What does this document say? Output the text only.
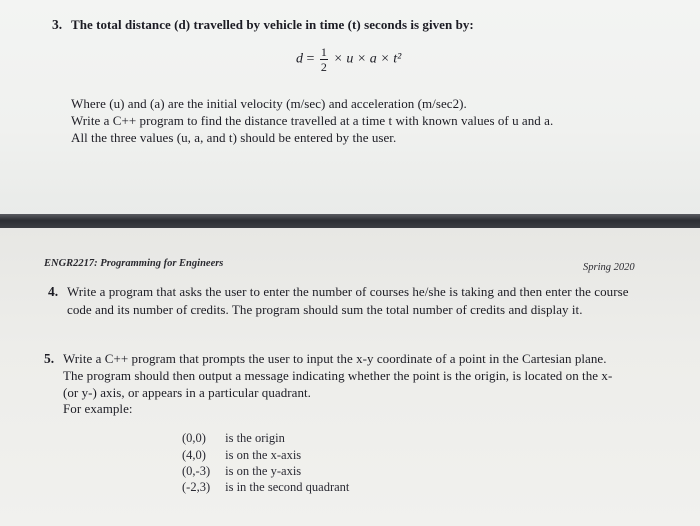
3. The total distance (d) travelled by vehicle in time (t) seconds is given by:
$d = \frac{1}{2} \times u \times a \times t^2$
Where (u) and (a) are the initial velocity (m/sec) and acceleration (m/sec2).
Write a C++ program to find the distance travelled at a time t with known values of u and a.
All the three values (u, a, and t) should be entered by the user.
ENGR2217: Programming for Engineers	Spring 2020
4. Write a program that asks the user to enter the number of courses he/she is taking and then enter the course
code and its number of credits. The program should sum the total number of credits and display it.
5. Write a C++ program that prompts the user to input the x-y coordinate of a point in the Cartesian plane.
The program should then output a message indicating whether the point is the origin, is located on the x-
(or y-) axis, or appears in a particular quadrant.
For example:
(0,0) is the origin
(4,0) is on the x-axis
(0,-3) is on the y-axis
(-2,3) is in the second quadrant
